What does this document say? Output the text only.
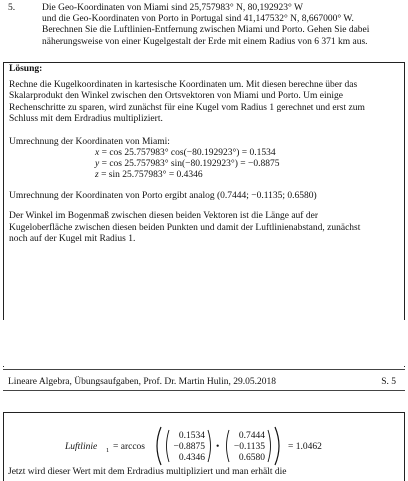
5.	Die Geo-Koordinaten von Miami sind 25,757983° N, 80,192923° W

und die Geo-Koordinaten von Porto in Portugal sind 41,147532° N, 8,667000° W.

Berechnen Sie die Luftlinien-Entfernung zwischen Miami und Porto. Gehen Sie dabei

näherungsweise von einer Kugelgestalt der Erde mit einem Radius von 6 371 km aus.

Lösung:

Rechne die Kugelkoordinaten in kartesische Koordinaten um. Mit diesen berechne über das

Skalarprodukt den Winkel zwischen den Ortsvektoren von Miami und Porto. Um einige

Rechenschritte zu sparen, wird zunächst für eine Kugel vom Radius 1 gerechnet und erst zum

Schluss mit dem Erdradius multipliziert.

Umrechnung der Koordinaten von Miami:

x = cos 25.757983° cos(−80.192923°) = 0.1534
y = cos 25.757983° sin(−80.192923°) = −0.8875
z = sin 25.757983° = 0.4346

Umrechnung der Koordinaten von Porto ergibt analog (0.7444; −0.1135; 0.6580)

Der Winkel im Bogenmaß zwischen diesen beiden Vektoren ist die Länge auf der

Kugeloberfläche zwischen diesen beiden Punkten und damit der Luftlinienabstand, zunächst

noch auf der Kugel mit Radius 1.

Lineare Algebra, Übungsaufgaben, Prof. Dr. Martin Hulin, 29.05.2018	S. 5
Luftlinie 1 = arccos
0.1534
−0.8875
0.4346
•
0.7444
−0.1135
0.6580
= 1.0462
Jetzt wird dieser Wert mit dem Erdradius multipliziert und man erhält die
